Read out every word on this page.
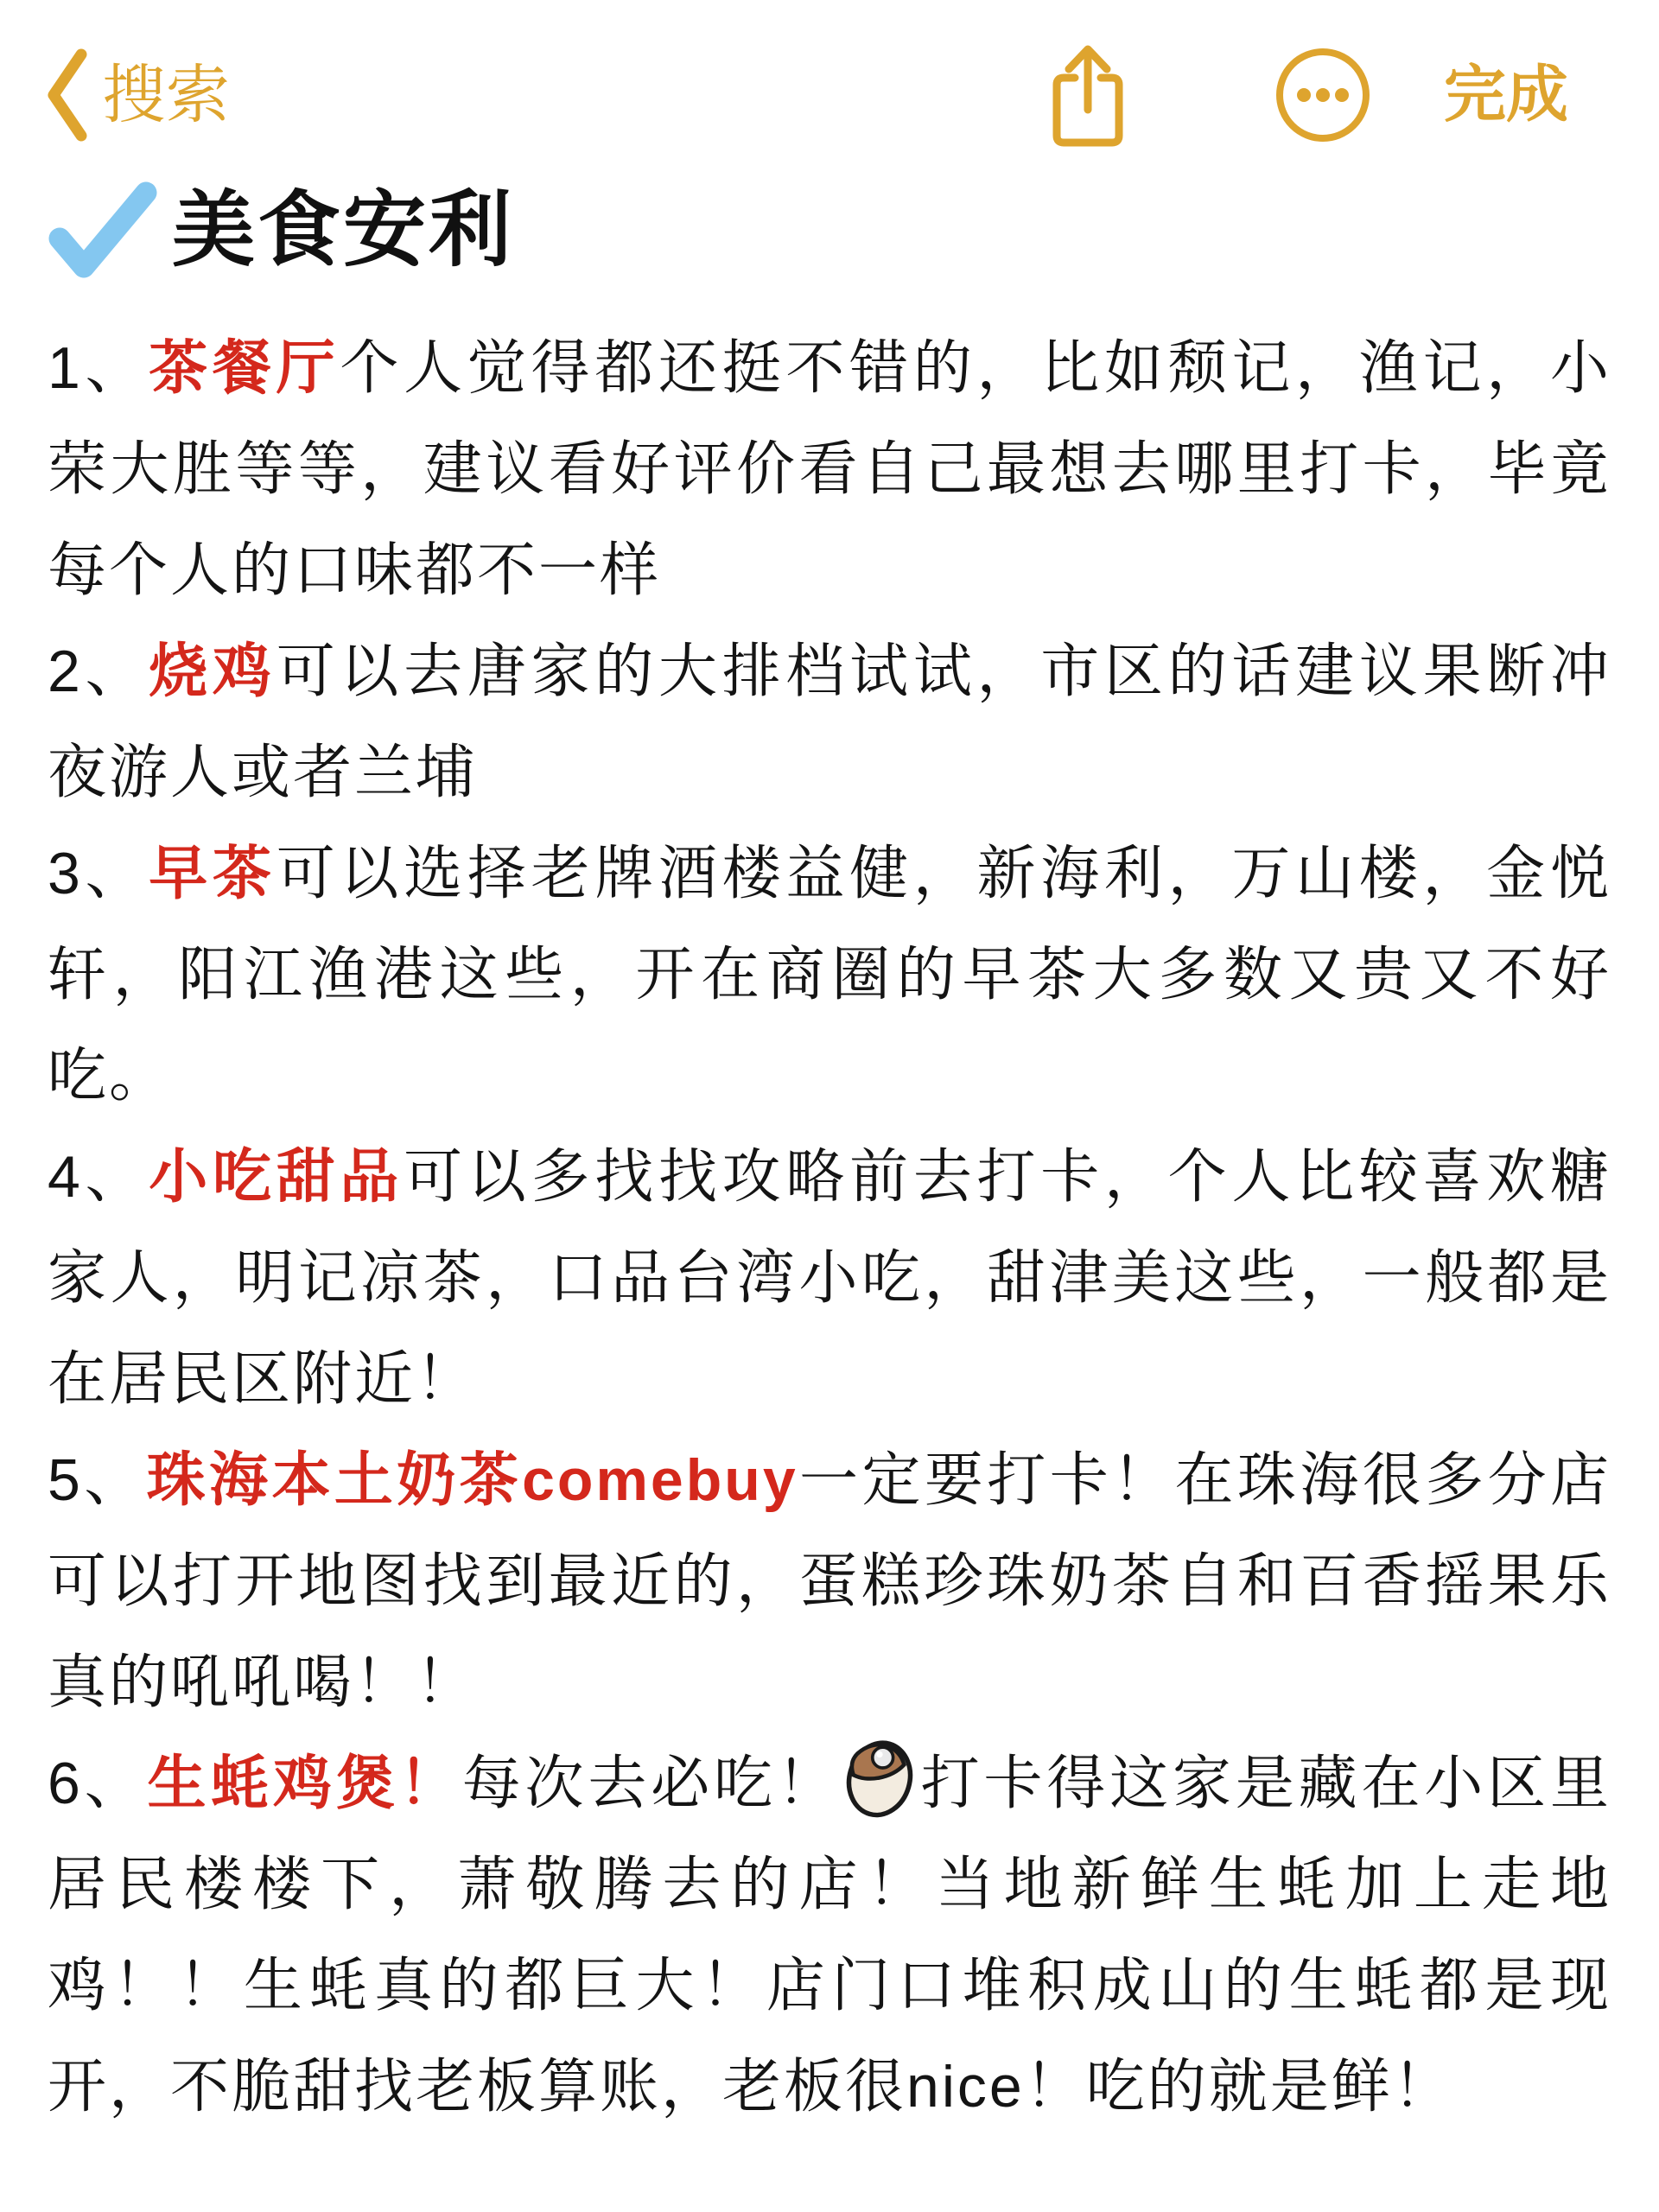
搜索	完成
美食安利

1、茶餐厅个人觉得都还挺不错的，比如颓记，渔记，小荣大胜等等，建议看好评价看自己最想去哪里打卡，毕竟每个人的口味都不一样

2、烧鸡可以去唐家的大排档试试，市区的话建议果断冲夜游人或者兰埔

3、早茶可以选择老牌酒楼益健，新海利，万山楼，金悦轩，阳江渔港这些，开在商圈的早茶大多数又贵又不好吃。

4、小吃甜品可以多找找攻略前去打卡，个人比较喜欢糖家人，明记凉茶，口品台湾小吃，甜津美这些，一般都是在居民区附近！

5、珠海本土奶茶comebuy一定要打卡！在珠海很多分店可以打开地图找到最近的，蛋糕珍珠奶茶自和百香摇果乐真的吼吼喝！！

6、生蚝鸡煲！每次去必吃！ 打卡得这家是藏在小区里居民楼楼下，萧敬腾去的店！当地新鲜生蚝加上走地鸡！！生蚝真的都巨大！店门口堆积成山的生蚝都是现开，不脆甜找老板算账，老板很nice！吃的就是鲜！
